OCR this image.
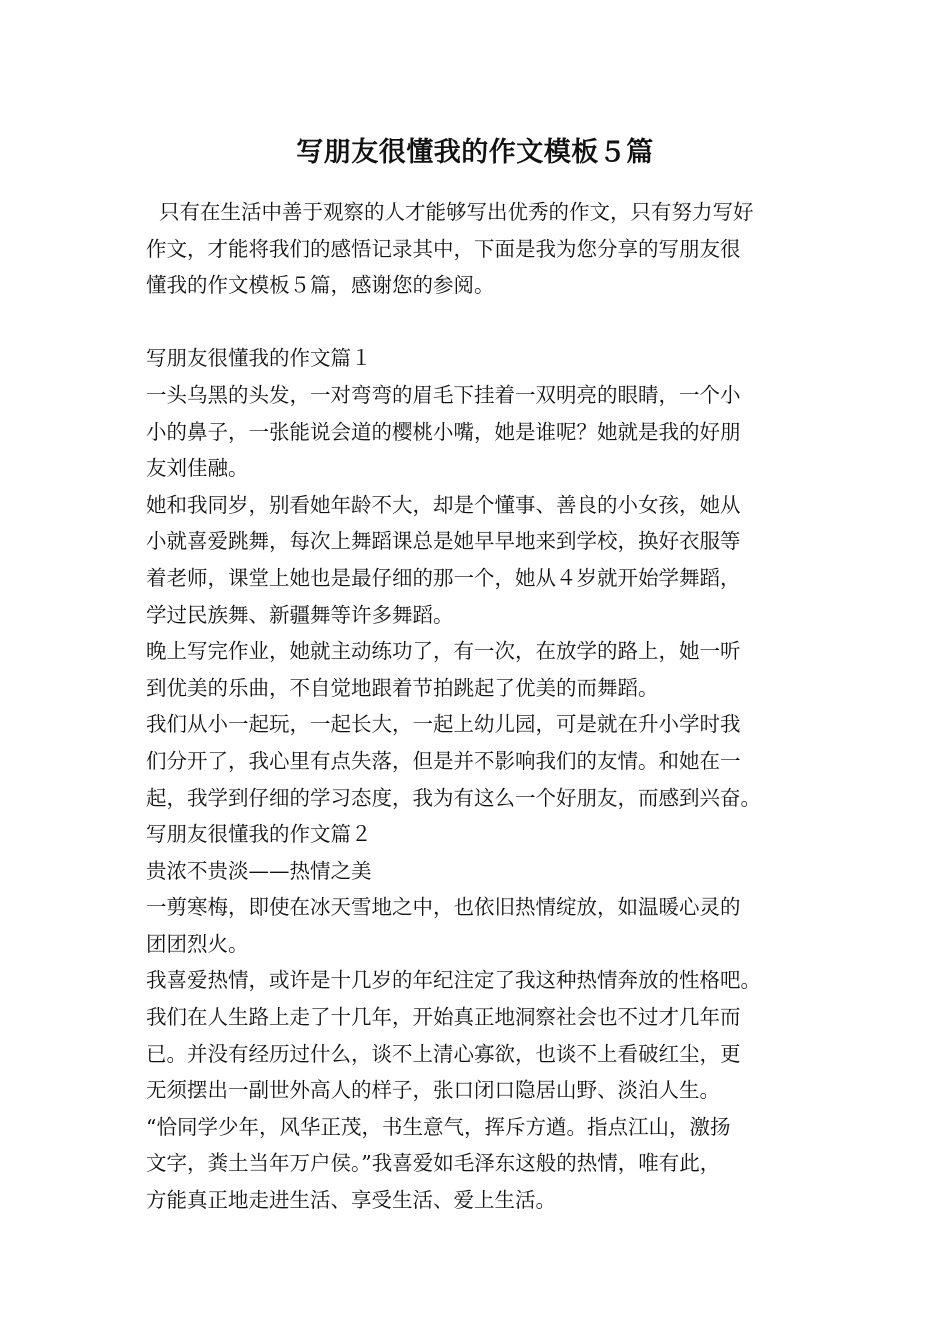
写朋友很懂我的作文模板５篇
只有在生活中善于观察的人才能够写出优秀的作文，只有努力写好
作文，才能将我们的感悟记录其中，下面是我为您分享的写朋友很
懂我的作文模板５篇，感谢您的参阅。
写朋友很懂我的作文篇１
一头乌黑的头发，一对弯弯的眉毛下挂着一双明亮的眼睛，一个小
小的鼻子，一张能说会道的樱桃小嘴，她是谁呢？她就是我的好朋
友刘佳融。
她和我同岁，别看她年龄不大，却是个懂事、善良的小女孩，她从
小就喜爱跳舞，每次上舞蹈课总是她早早地来到学校，换好衣服等
着老师，课堂上她也是最仔细的那一个，她从４岁就开始学舞蹈，
学过民族舞、新疆舞等许多舞蹈。
晚上写完作业，她就主动练功了，有一次，在放学的路上，她一听
到优美的乐曲，不自觉地跟着节拍跳起了优美的而舞蹈。
我们从小一起玩，一起长大，一起上幼儿园，可是就在升小学时我
们分开了，我心里有点失落，但是并不影响我们的友情。和她在一
起，我学到仔细的学习态度，我为有这么一个好朋友，而感到兴奋。
写朋友很懂我的作文篇２
贵浓不贵淡——热情之美
一剪寒梅，即使在冰天雪地之中，也依旧热情绽放，如温暖心灵的
团团烈火。
我喜爱热情，或许是十几岁的年纪注定了我这种热情奔放的性格吧。
我们在人生路上走了十几年，开始真正地洞察社会也不过才几年而
已。并没有经历过什么，谈不上清心寡欲，也谈不上看破红尘，更
无须摆出一副世外高人的样子，张口闭口隐居山野、淡泊人生。
“恰同学少年，风华正茂，书生意气，挥斥方遒。指点江山，激扬
文字，粪土当年万户侯。”我喜爱如毛泽东这般的热情，唯有此，
方能真正地走进生活、享受生活、爱上生活。
